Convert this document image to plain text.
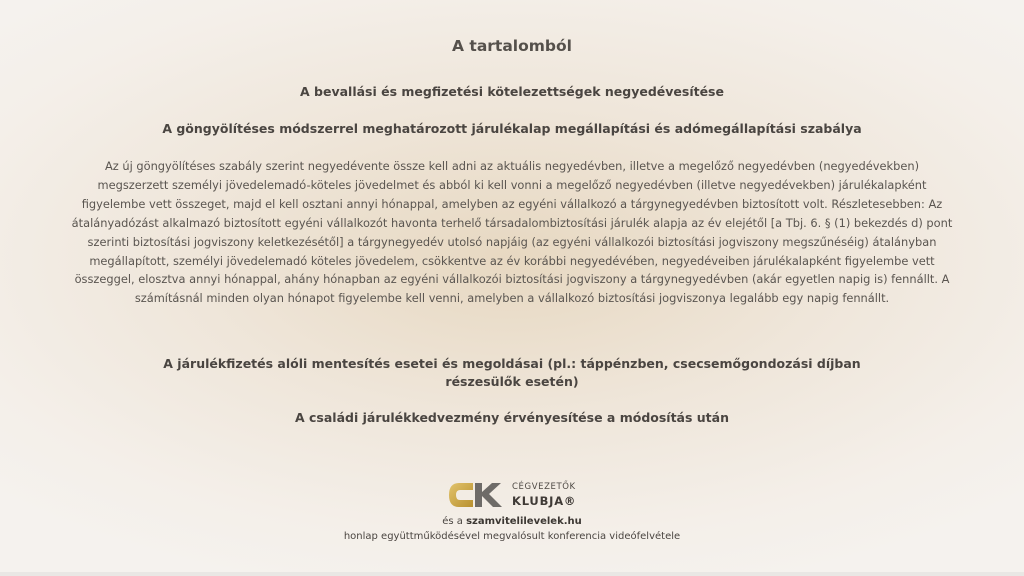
A tartalomból
A bevallási és megfizetési kötelezettségek negyedévesítése
A göngyölítéses módszerrel meghatározott járulékalap megállapítási és adómegállapítási szabálya
Az új göngyölítéses szabály szerint negyedévente össze kell adni az aktuális negyedévben, illetve a megelőző negyedévben (negyedévekben) megszerzett személyi jövedelemadó-köteles jövedelmet és abból ki kell vonni a megelőző negyedévben (illetve negyedévekben) járulékalapként figyelembe vett összeget, majd el kell osztani annyi hónappal, amelyben az egyéni vállalkozó a tárgynegyedévben biztosított volt. Részletesebben: Az átalányadózást alkalmazó biztosított egyéni vállalkozót havonta terhelő társadalombiztosítási járulék alapja az év elejétől [a Tbj. 6. § (1) bekezdés d) pont szerinti biztosítási jogviszony keletkezésétől] a tárgynegyedév utolsó napjáig (az egyéni vállalkozói biztosítási jogviszony megszűnéséig) átalányban megállapított, személyi jövedelemadó köteles jövedelem, csökkentve az év korábbi negyedévében, negyedéveiben járulékalapként figyelembe vett összeggel, elosztva annyi hónappal, ahány hónapban az egyéni vállalkozói biztosítási jogviszony a tárgynegyedévben (akár egyetlen napig is) fennállt. A számításnál minden olyan hónapot figyelembe kell venni, amelyben a vállalkozó biztosítási jogviszonya legalább egy napig fennállt.
A járulékfizetés alóli mentesítés esetei és megoldásai (pl.: táppénzben, csecsemőgondozási díjban részesülők esetén)
A családi járulékkedvezmény érvényesítése a módosítás után
CÉGVEZETŐK
KLUBJA®
és a szamvitelilevelek.hu
honlap együttműködésével megvalósult konferencia videófelvétele
